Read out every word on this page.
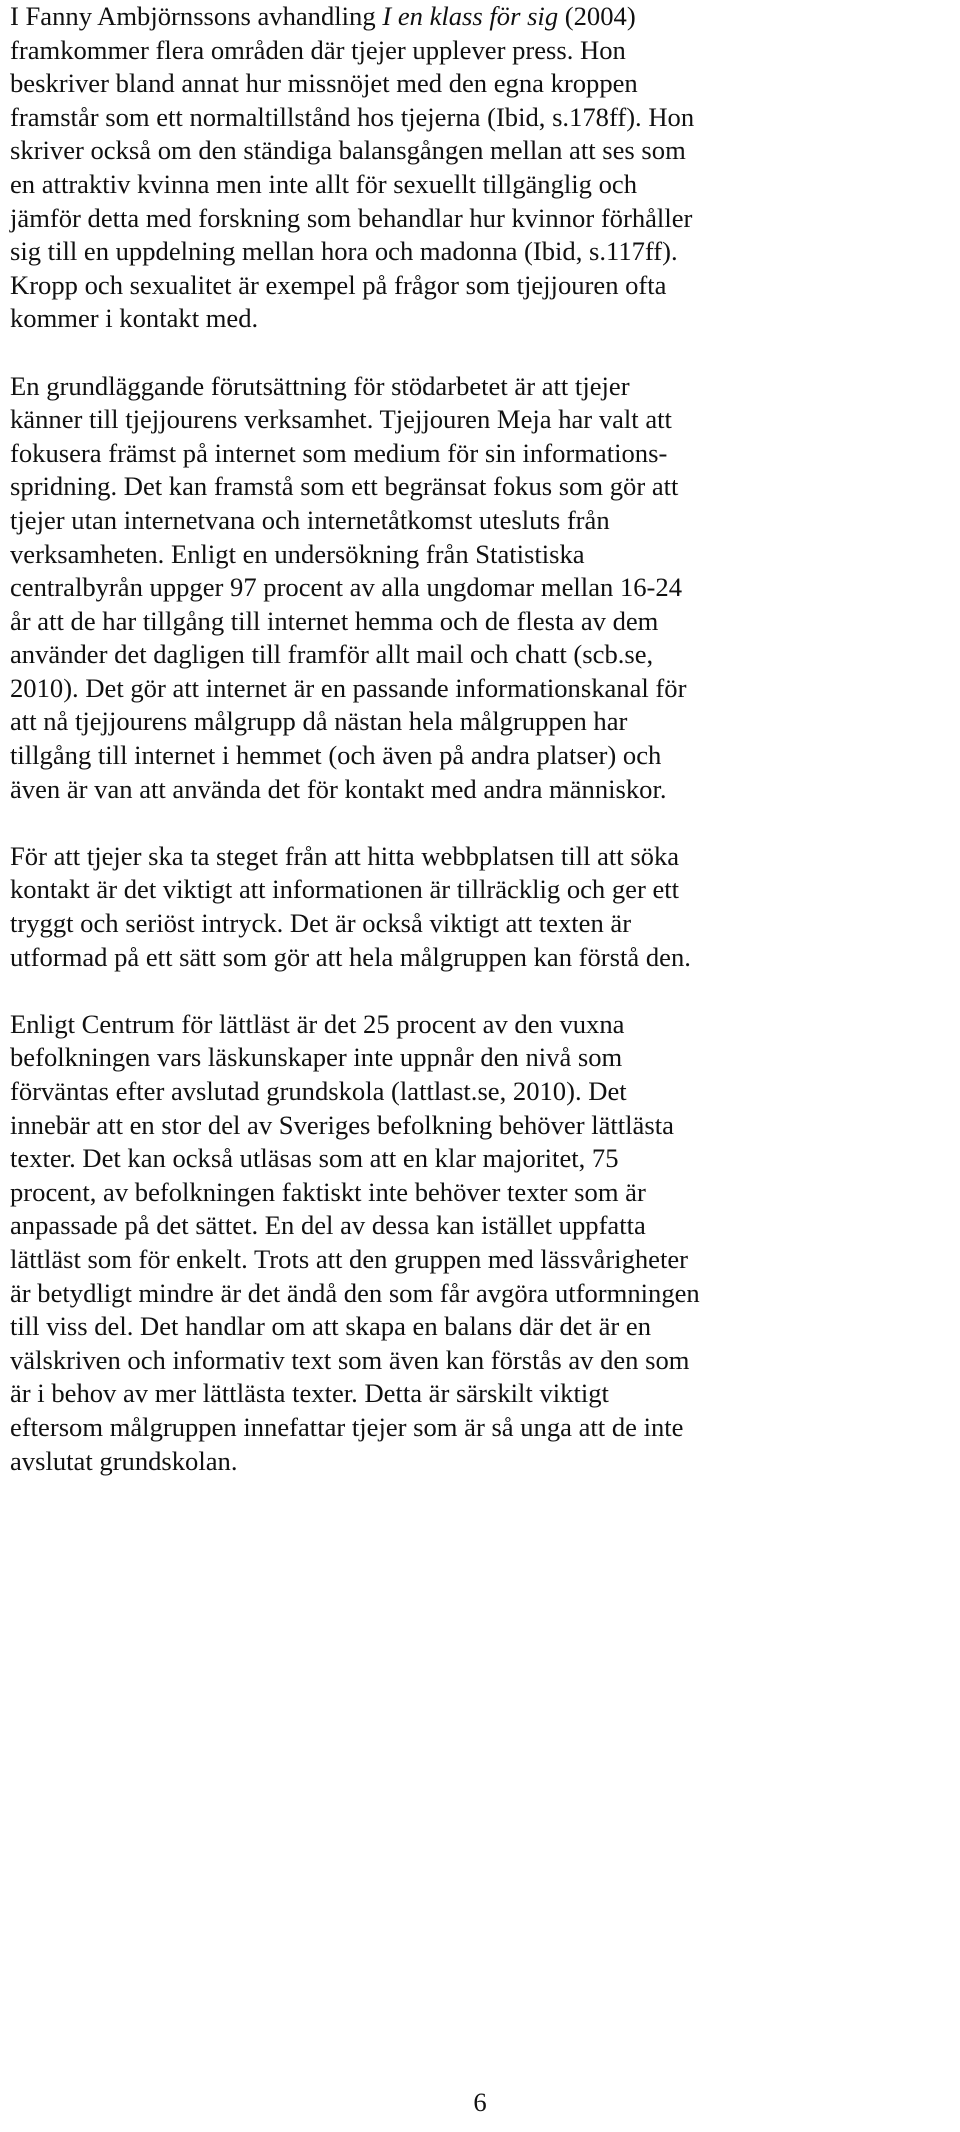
I Fanny Ambjörnssons avhandling I en klass för sig (2004)
framkommer flera områden där tjejer upplever press. Hon
beskriver bland annat hur missnöjet med den egna kroppen
framstår som ett normaltillstånd hos tjejerna (Ibid, s.178ff). Hon
skriver också om den ständiga balansgången mellan att ses som
en attraktiv kvinna men inte allt för sexuellt tillgänglig och
jämför detta med forskning som behandlar hur kvinnor förhåller
sig till en uppdelning mellan hora och madonna (Ibid, s.117ff).
Kropp och sexualitet är exempel på frågor som tjejjouren ofta
kommer i kontakt med.

En grundläggande förutsättning för stödarbetet är att tjejer
känner till tjejjourens verksamhet. Tjejjouren Meja har valt att
fokusera främst på internet som medium för sin informations-
spridning. Det kan framstå som ett begränsat fokus som gör att
tjejer utan internetvana och internetåtkomst utesluts från
verksamheten. Enligt en undersökning från Statistiska
centralbyrån uppger 97 procent av alla ungdomar mellan 16-24
år att de har tillgång till internet hemma och de flesta av dem
använder det dagligen till framför allt mail och chatt (scb.se,
2010). Det gör att internet är en passande informationskanal för
att nå tjejjourens målgrupp då nästan hela målgruppen har
tillgång till internet i hemmet (och även på andra platser) och
även är van att använda det för kontakt med andra människor.

För att tjejer ska ta steget från att hitta webbplatsen till att söka
kontakt är det viktigt att informationen är tillräcklig och ger ett
tryggt och seriöst intryck. Det är också viktigt att texten är
utformad på ett sätt som gör att hela målgruppen kan förstå den.

Enligt Centrum för lättläst är det 25 procent av den vuxna
befolkningen vars läskunskaper inte uppnår den nivå som
förväntas efter avslutad grundskola (lattlast.se, 2010). Det
innebär att en stor del av Sveriges befolkning behöver lättlästa
texter. Det kan också utläsas som att en klar majoritet, 75
procent, av befolkningen faktiskt inte behöver texter som är
anpassade på det sättet. En del av dessa kan istället uppfatta
lättläst som för enkelt. Trots att den gruppen med lässvårigheter
är betydligt mindre är det ändå den som får avgöra utformningen
till viss del. Det handlar om att skapa en balans där det är en
välskriven och informativ text som även kan förstås av den som
är i behov av mer lättlästa texter. Detta är särskilt viktigt
eftersom målgruppen innefattar tjejer som är så unga att de inte
avslutat grundskolan.

6
